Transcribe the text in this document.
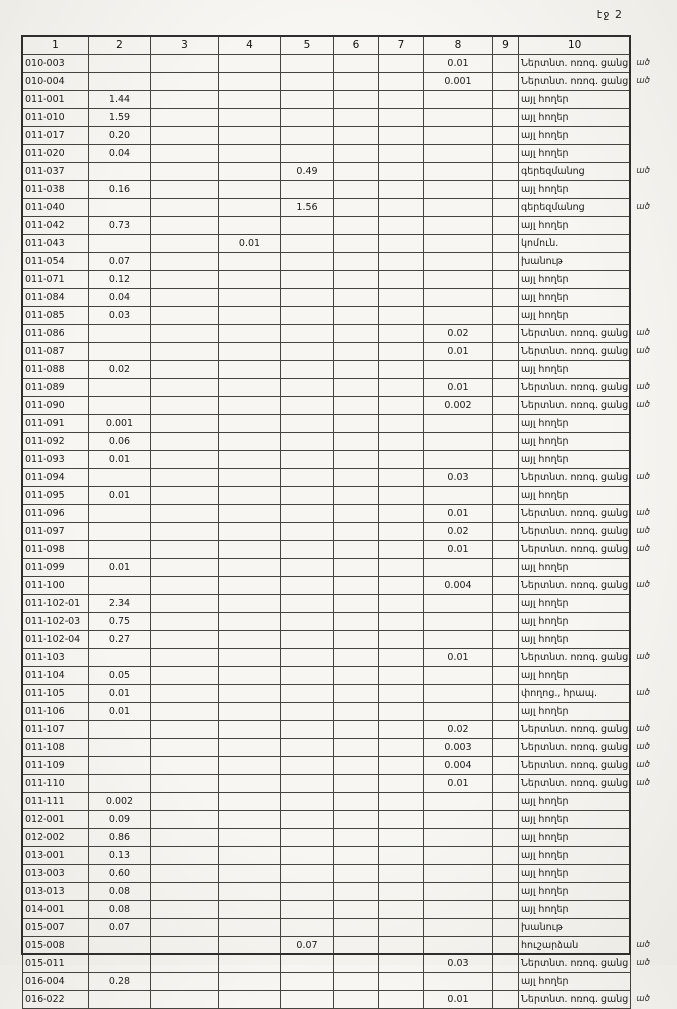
էջ 2
1	2	3	4	5	6	7	8	9	10	
010-003							0.01		Ներտնտ. ոռոգ. ցանց	ած
010-004							0.001		Ներտնտ. ոռոգ. ցանց	ած
011-001	1.44								այլ հողեր	
011-010	1.59								այլ հողեր	
011-017	0.20								այլ հողեր	
011-020	0.04								այլ հողեր	
011-037				0.49					գերեզմանոց	ած
011-038	0.16								այլ հողեր	
011-040				1.56					գերեզմանոց	ած
011-042	0.73								այլ հողեր	
011-043			0.01						կոմուն.	
011-054	0.07								խանութ	
011-071	0.12								այլ հողեր	
011-084	0.04								այլ հողեր	
011-085	0.03								այլ հողեր	
011-086							0.02		Ներտնտ. ոռոգ. ցանց	ած
011-087							0.01		Ներտնտ. ոռոգ. ցանց	ած
011-088	0.02								այլ հողեր	
011-089							0.01		Ներտնտ. ոռոգ. ցանց	ած
011-090							0.002		Ներտնտ. ոռոգ. ցանց	ած
011-091	0.001								այլ հողեր	
011-092	0.06								այլ հողեր	
011-093	0.01								այլ հողեր	
011-094							0.03		Ներտնտ. ոռոգ. ցանց	ած
011-095	0.01								այլ հողեր	
011-096							0.01		Ներտնտ. ոռոգ. ցանց	ած
011-097							0.02		Ներտնտ. ոռոգ. ցանց	ած
011-098							0.01		Ներտնտ. ոռոգ. ցանց	ած
011-099	0.01								այլ հողեր	
011-100							0.004		Ներտնտ. ոռոգ. ցանց	ած
011-102-01	2.34								այլ հողեր	
011-102-03	0.75								այլ հողեր	
011-102-04	0.27								այլ հողեր	
011-103							0.01		Ներտնտ. ոռոգ. ցանց	ած
011-104	0.05								այլ հողեր	
011-105	0.01								փողոց., հրապ.	ած
011-106	0.01								այլ հողեր	
011-107							0.02		Ներտնտ. ոռոգ. ցանց	ած
011-108							0.003		Ներտնտ. ոռոգ. ցանց	ած
011-109							0.004		Ներտնտ. ոռոգ. ցանց	ած
011-110							0.01		Ներտնտ. ոռոգ. ցանց	ած
011-111	0.002								այլ հողեր	
012-001	0.09								այլ հողեր	
012-002	0.86								այլ հողեր	
013-001	0.13								այլ հողեր	
013-003	0.60								այլ հողեր	
013-013	0.08								այլ հողեր	
014-001	0.08								այլ հողեր	
015-007	0.07								խանութ	
015-008				0.07					հուշարձան	ած
015-011							0.03		Ներտնտ. ոռոգ. ցանց	ած
016-004	0.28								այլ հողեր	
016-022							0.01		Ներտնտ. ոռոգ. ցանց	ած
